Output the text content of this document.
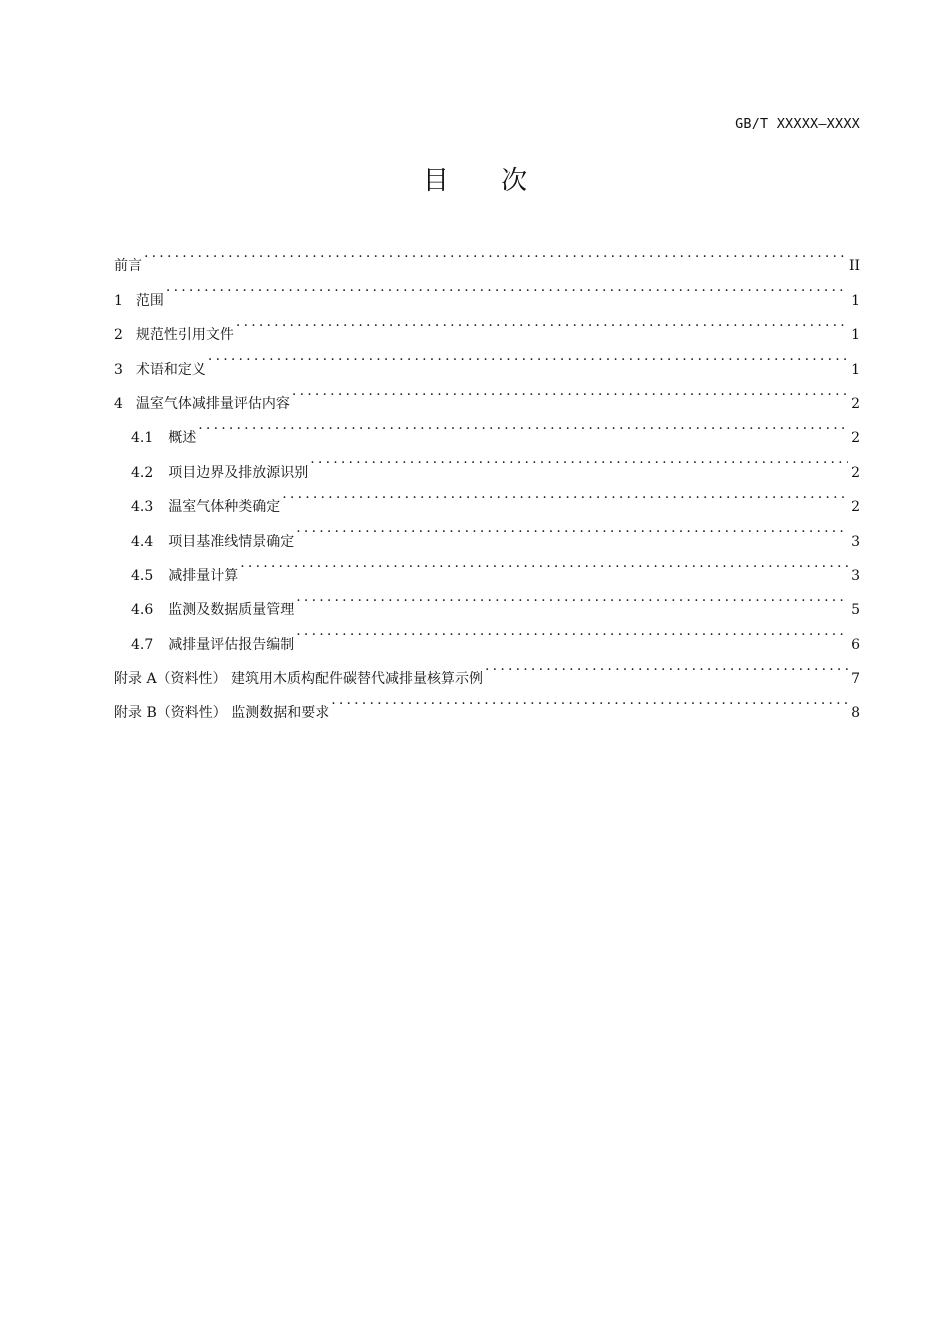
GB/T XXXXX—XXXX
目 次
前言 .....	II
1 范围 .....	1
2 规范性引用文件 .....	1
3 术语和定义 .....	1
4 温室气体减排量评估内容 .....	2
4.1 概述 .....	2
4.2 项目边界及排放源识别 .....	2
4.3 温室气体种类确定 .....	2
4.4 项目基准线情景确定 .....	3
4.5 减排量计算 .....	3
4.6 监测及数据质量管理 .....	5
4.7 减排量评估报告编制 .....	6
附录 A（资料性） 建筑用木质构配件碳替代减排量核算示例 .....	7
附录 B（资料性） 监测数据和要求 .....	8
